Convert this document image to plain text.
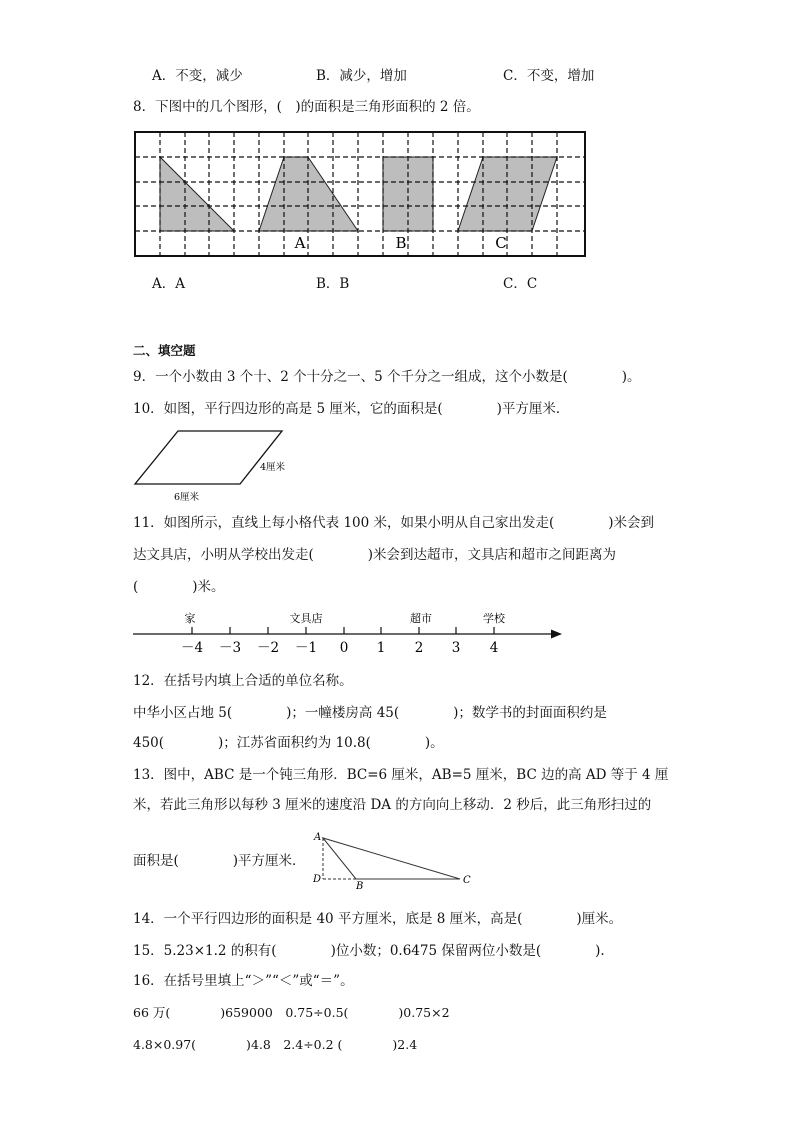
A．不变，减少	B．减少，增加	C．不变，增加
8．下图中的几个图形，(　)的面积是三角形面积的 2 倍。
A	B	C
A．A	B．B	C．C
二、填空题
9．一个小数由 3 个十、2 个十分之一、5 个千分之一组成，这个小数是(　　　　)。
10．如图，平行四边形的高是 5 厘米，它的面积是(　　　　)平方厘米．
4厘米
6厘米
11．如图所示，直线上每小格代表 100 米，如果小明从自己家出发走(　　　　)米会到
达文具店，小明从学校出发走(　　　　)米会到达超市，文具店和超市之间距离为
(　　　　)米。
家	文具店	超市	学校
－4 －3 －2 －1 0 1 2 3 4
12．在括号内填上合适的单位名称。
中华小区占地 5(　　　　)；一幢楼房高 45(　　　　)；数学书的封面面积约是
450(　　　　)；江苏省面积约为 10.8(　　　　)。
13．图中，ABC 是一个钝三角形．BC=6 厘米，AB=5 厘米，BC 边的高 AD 等于 4 厘
米，若此三角形以每秒 3 厘米的速度沿 DA 的方向向上移动．2 秒后，此三角形扫过的
面积是(　　　　)平方厘米．
A
D
B
C
14．一个平行四边形的面积是 40 平方厘米，底是 8 厘米，高是(　　　　)厘米。
15．5.23×1.2 的积有(　　　　)位小数；0.6475 保留两位小数是(　　　　).
16．在括号里填上“＞”“＜”或“＝”。
66 万(　　　　)659000　0.75÷0.5(　　　　)0.75×2
4.8×0.97(　　　　)4.8　2.4÷0.2 (　　　　)2.4
